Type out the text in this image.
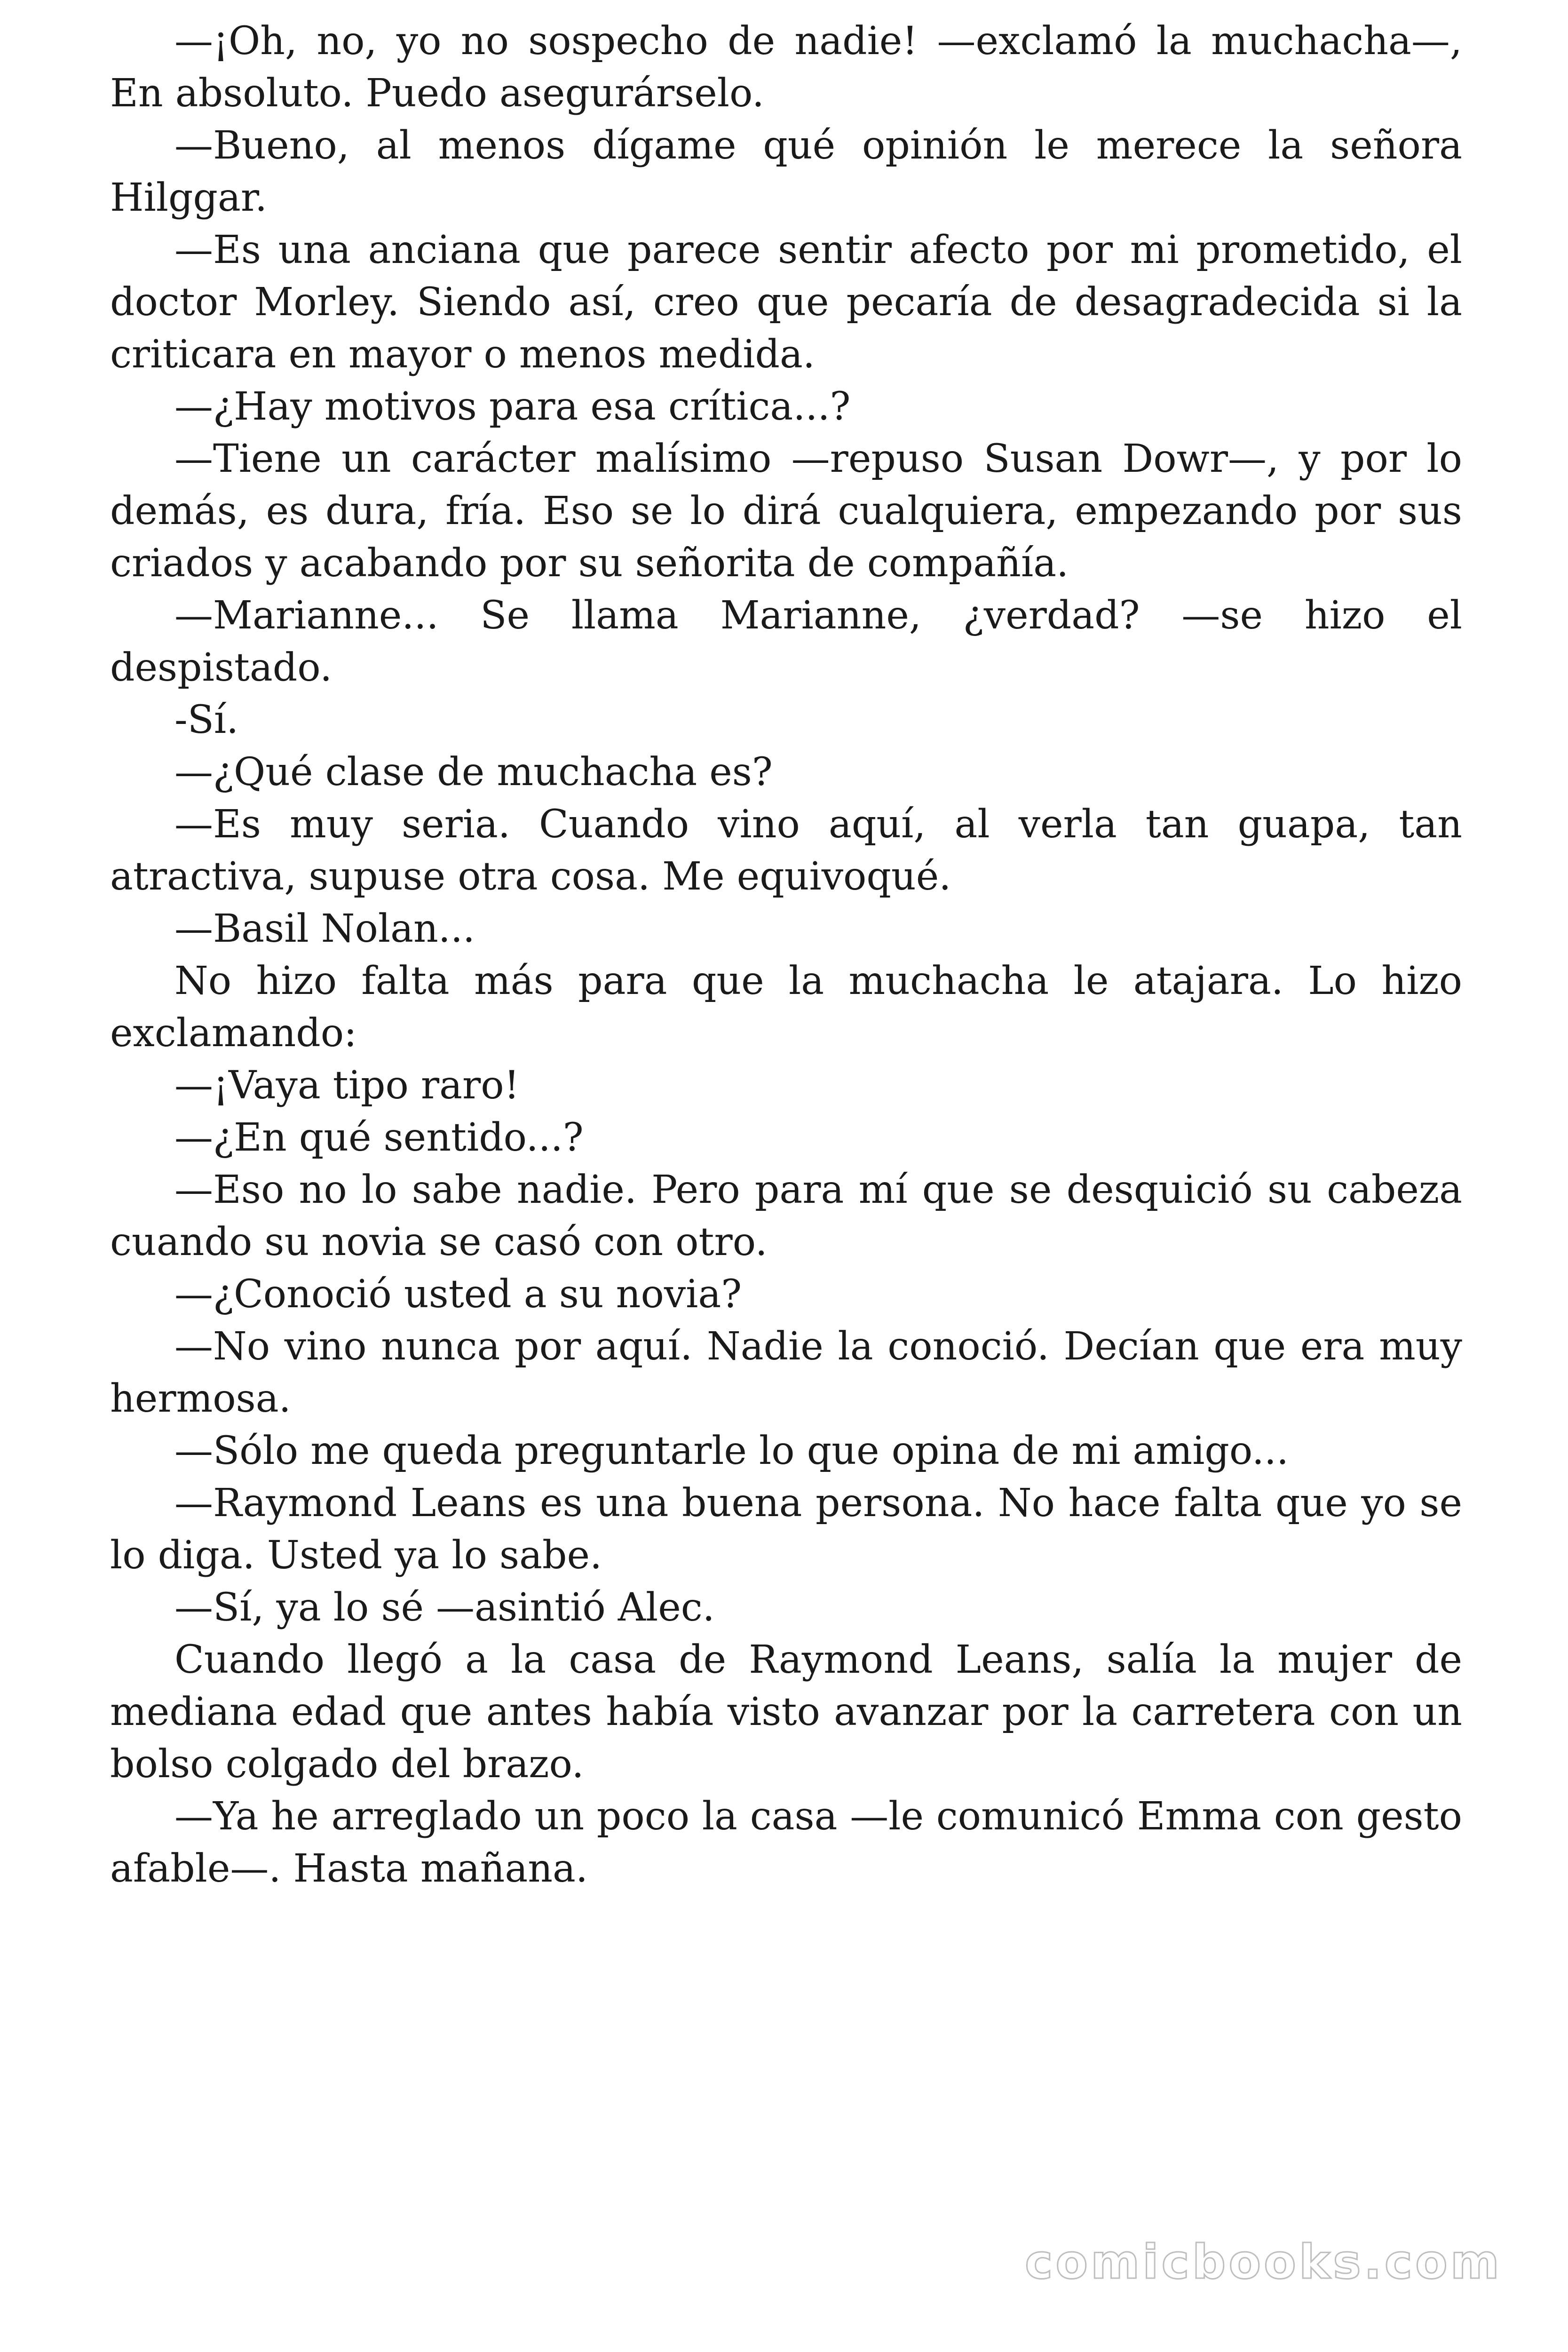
—¡Oh, no, yo no sospecho de nadie! —exclamó la muchacha—, En absoluto. Puedo asegurárselo.

—Bueno, al menos dígame qué opinión le merece la señora Hilggar.

—Es una anciana que parece sentir afecto por mi prometido, el doctor Morley. Siendo así, creo que pecaría de desagradecida si la criticara en mayor o menos medida.

—¿Hay motivos para esa crítica...?

—Tiene un carácter malísimo —repuso Susan Dowr—, y por lo demás, es dura, fría. Eso se lo dirá cualquiera, empezando por sus criados y acabando por su señorita de compañía.

—Marianne... Se llama Marianne, ¿verdad? —se hizo el despistado.

-Sí.

—¿Qué clase de muchacha es?

—Es muy seria. Cuando vino aquí, al verla tan guapa, tan atractiva, supuse otra cosa. Me equivoqué.

—Basil Nolan...

No hizo falta más para que la muchacha le atajara. Lo hizo exclamando:

—¡Vaya tipo raro!

—¿En qué sentido...?

—Eso no lo sabe nadie. Pero para mí que se desquició su cabeza cuando su novia se casó con otro.

—¿Conoció usted a su novia?

—No vino nunca por aquí. Nadie la conoció. Decían que era muy hermosa.

—Sólo me queda preguntarle lo que opina de mi amigo...

—Raymond Leans es una buena persona. No hace falta que yo se lo diga. Usted ya lo sabe.

—Sí, ya lo sé —asintió Alec.

Cuando llegó a la casa de Raymond Leans, salía la mujer de mediana edad que antes había visto avanzar por la carretera con un bolso colgado del brazo.

—Ya he arreglado un poco la casa —le comunicó Emma con gesto afable—. Hasta mañana.

comicbooks.com
